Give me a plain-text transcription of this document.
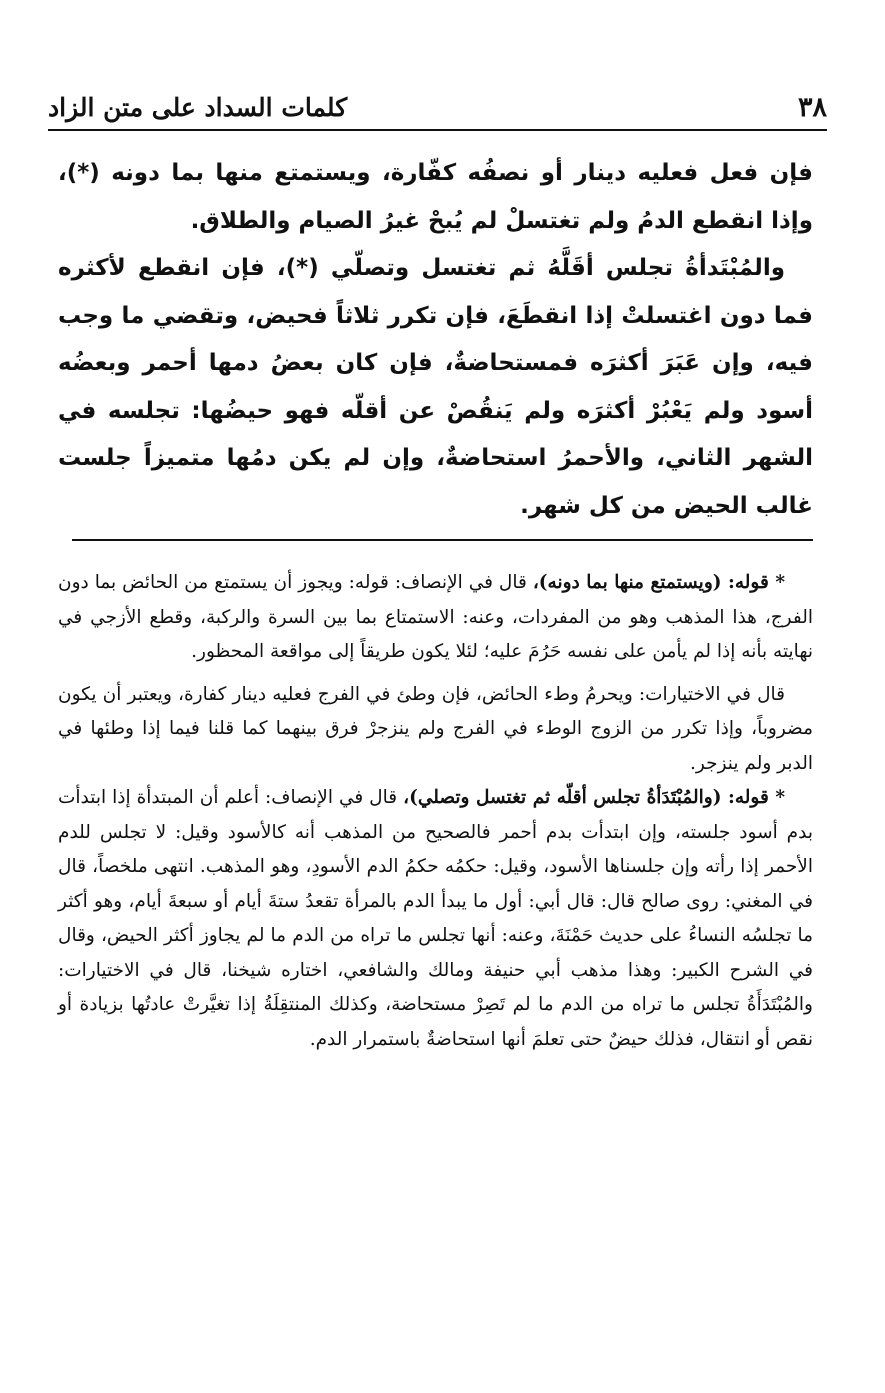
٣٨
كلمات السداد على متن الزاد

فإن فعل فعليه دينار أو نصفُه كفّارة، ويستمتع منها بما دونه (*)، وإذا انقطع الدمُ ولم تغتسلْ لم يُبحْ غيرُ الصيام والطلاق.

والمُبْتَدأةُ تجلس أقَلَّهُ ثم تغتسل وتصلّي (*)، فإن انقطع لأكثره فما دون اغتسلتْ إذا انقطَعَ، فإن تكرر ثلاثاً فحيض، وتقضي ما وجب فيه، وإن عَبَرَ أكثرَه فمستحاضةٌ، فإن كان بعضُ دمها أحمر وبعضُه أسود ولم يَعْبُرْ أكثرَه ولم يَنقُصْ عن أقلّه فهو حيضُها: تجلسه في الشهر الثاني، والأحمرُ استحاضةٌ، وإن لم يكن دمُها متميزاً جلست غالب الحيض من كل شهر.

* قوله: (ويستمتع منها بما دونه)، قال في الإنصاف: قوله: ويجوز أن يستمتع من الحائض بما دون الفرج، هذا المذهب وهو من المفردات، وعنه: الاستمتاع بما بين السرة والركبة، وقطع الأزجي في نهايته بأنه إذا لم يأمن على نفسه حَرُمَ عليه؛ لئلا يكون طريقاً إلى مواقعة المحظور.

قال في الاختيارات: ويحرمُ وطء الحائض، فإن وطئ في الفرج فعليه دينار كفارة، ويعتبر أن يكون مضروباً، وإذا تكرر من الزوج الوطء في الفرج ولم ينزجرْ فرق بينهما كما قلنا فيما إذا وطئها في الدبر ولم ينزجر.

* قوله: (والمُبْتَدَأةُ تجلس أقلّه ثم تغتسل وتصلي)، قال في الإنصاف: أعلم أن المبتدأة إذا ابتدأت بدم أسود جلسته، وإن ابتدأت بدم أحمر فالصحيح من المذهب أنه كالأسود وقيل: لا تجلس للدم الأحمر إذا رأته وإن جلسناها الأسود، وقيل: حكمُه حكمُ الدم الأسودِ، وهو المذهب. انتهى ملخصاً، قال في المغني: روى صالح قال: قال أبي: أول ما يبدأ الدم بالمرأة تقعدُ ستةَ أيام أو سبعةَ أيام، وهو أكثر ما تجلسُه النساءُ على حديث حَمْنَةَ، وعنه: أنها تجلس ما تراه من الدم ما لم يجاوز أكثر الحيض، وقال في الشرح الكبير: وهذا مذهب أبي حنيفة ومالك والشافعي، اختاره شيخنا، قال في الاختيارات: والمُبْتَدَأَةُ تجلس ما تراه من الدم ما لم تَصِرْ مستحاضة، وكذلك المنتقِلَةُ إذا تغيَّرتْ عادتُها بزيادة أو نقص أو انتقال، فذلك حيضٌ حتى تعلمَ أنها استحاضةٌ باستمرار الدم.
